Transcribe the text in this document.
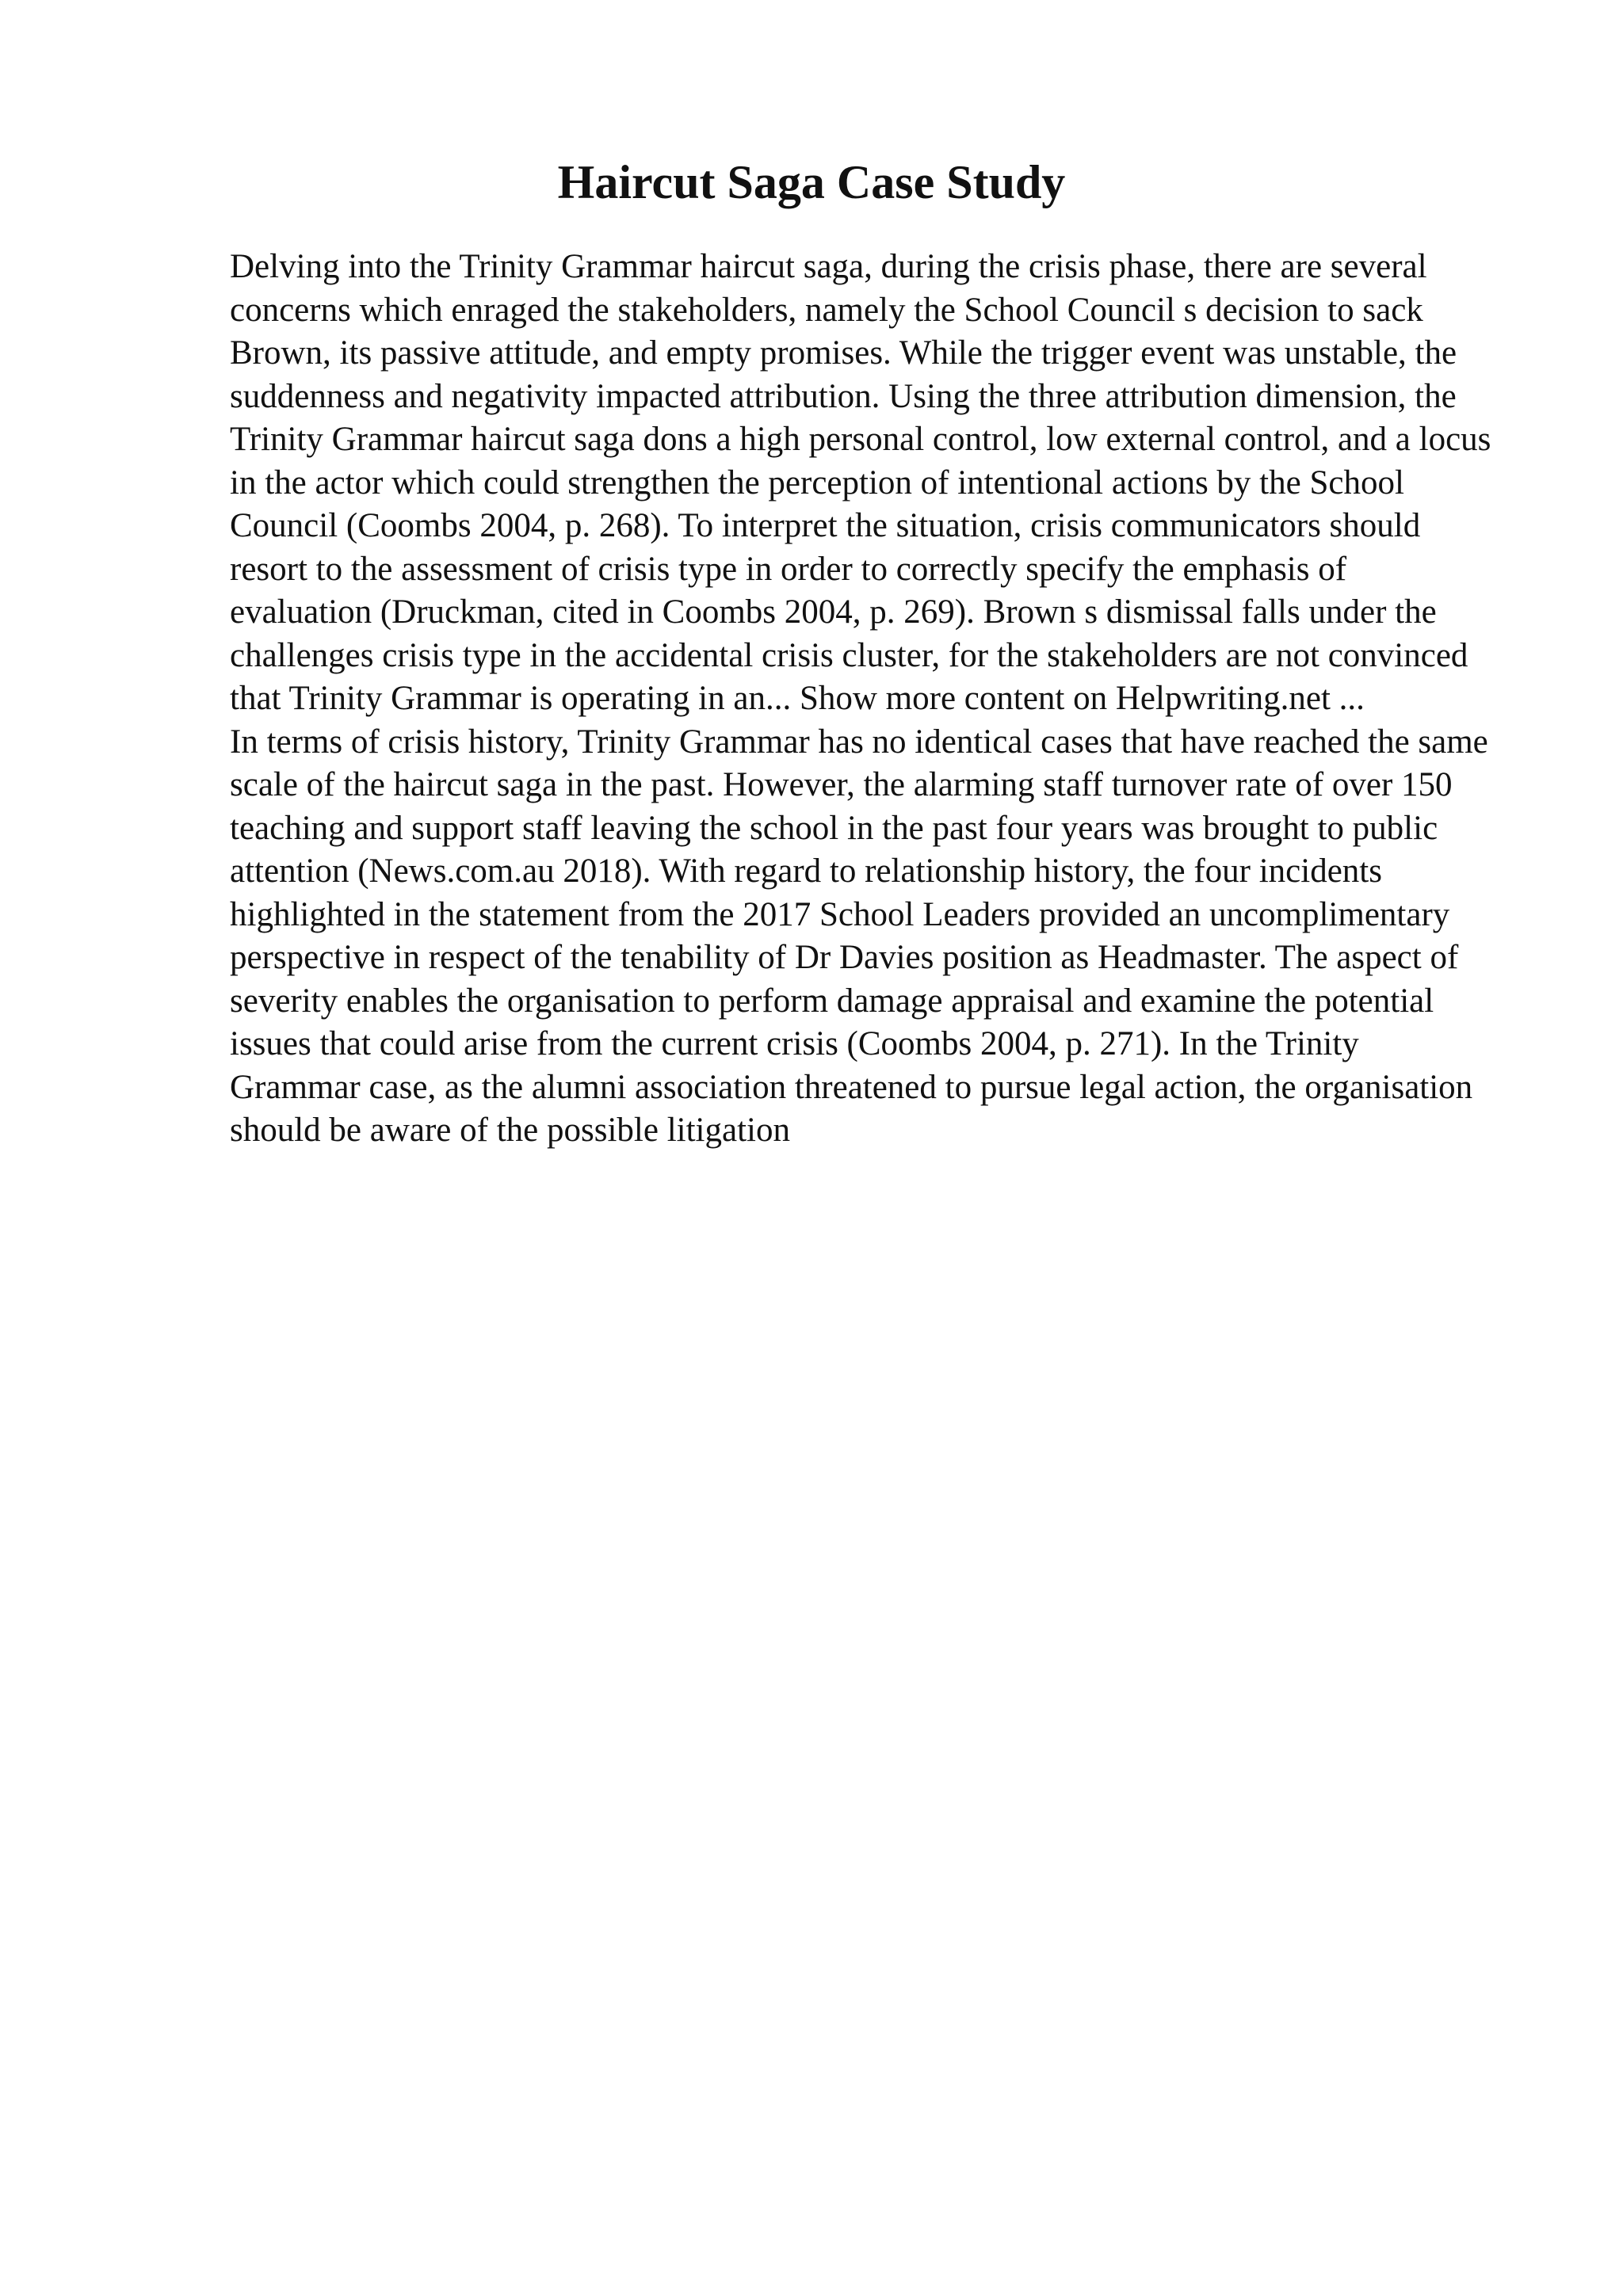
Haircut Saga Case Study

Delving into the Trinity Grammar haircut saga, during the crisis phase, there are several concerns which enraged the stakeholders, namely the School Council s decision to sack Brown, its passive attitude, and empty promises. While the trigger event was unstable, the suddenness and negativity impacted attribution. Using the three attribution dimension, the Trinity Grammar haircut saga dons a high personal control, low external control, and a locus in the actor which could strengthen the perception of intentional actions by the School Council (Coombs 2004, p. 268). To interpret the situation, crisis communicators should resort to the assessment of crisis type in order to correctly specify the emphasis of evaluation (Druckman, cited in Coombs 2004, p. 269). Brown s dismissal falls under the challenges crisis type in the accidental crisis cluster, for the stakeholders are not convinced that Trinity Grammar is operating in an... Show more content on Helpwriting.net ...

In terms of crisis history, Trinity Grammar has no identical cases that have reached the same scale of the haircut saga in the past. However, the alarming staff turnover rate of over 150 teaching and support staff leaving the school in the past four years was brought to public attention (News.com.au 2018). With regard to relationship history, the four incidents highlighted in the statement from the 2017 School Leaders provided an uncomplimentary perspective in respect of the tenability of Dr Davies position as Headmaster. The aspect of severity enables the organisation to perform damage appraisal and examine the potential issues that could arise from the current crisis (Coombs 2004, p. 271). In the Trinity Grammar case, as the alumni association threatened to pursue legal action, the organisation should be aware of the possible litigation
